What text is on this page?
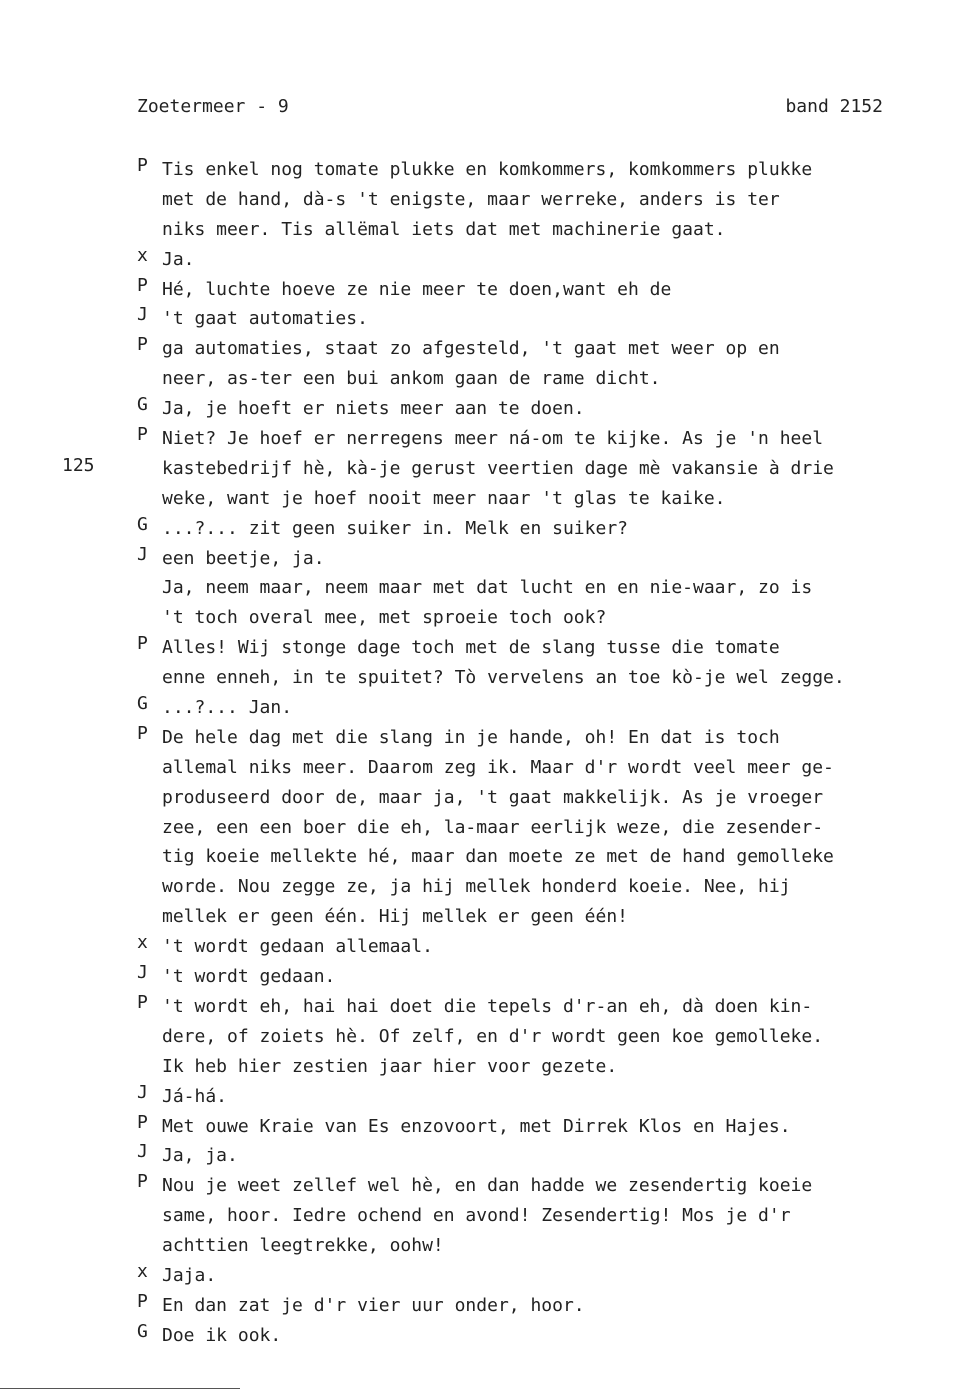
Zoetermeer - 9	band 2152
125
P Tis enkel nog tomate plukke en komkommers, komkommers plukke
met de hand, dà-s 't enigste, maar werreke, anders is ter
niks meer. Tis allëmal iets dat met machinerie gaat.
x Ja.
P Hé, luchte hoeve ze nie meer te doen,want eh de
J 't gaat automaties.
P ga automaties, staat zo afgesteld, 't gaat met weer op en
neer, as-ter een bui ankom gaan de rame dicht.
G Ja, je hoeft er niets meer aan te doen.
P Niet? Je hoef er nerregens meer ná-om te kijke. As je 'n heel
kastebedrijf hè, kà-je gerust veertien dage mè vakansie à drie
weke, want je hoef nooit meer naar 't glas te kaike.
G ...?... zit geen suiker in. Melk en suiker?
J een beetje, ja.
Ja, neem maar, neem maar met dat lucht en en nie-waar, zo is
't toch overal mee, met sproeie toch ook?
P Alles! Wij stonge dage toch met de slang tusse die tomate
enne enneh, in te spuitet? Tò vervelens an toe kò-je wel zegge.
G ...?... Jan.
P De hele dag met die slang in je hande, oh! En dat is toch
allemal niks meer. Daarom zeg ik. Maar d'r wordt veel meer ge-
produseerd door de, maar ja, 't gaat makkelijk. As je vroeger
zee, een een boer die eh, la-maar eerlijk weze, die zesender-
tig koeie mellekte hé, maar dan moete ze met de hand gemolleke
worde. Nou zegge ze, ja hij mellek honderd koeie. Nee, hij
mellek er geen één. Hij mellek er geen één!
x 't wordt gedaan allemaal.
J 't wordt gedaan.
P 't wordt eh, hai hai doet die tepels d'r-an eh, dà doen kin-
dere, of zoiets hè. Of zelf, en d'r wordt geen koe gemolleke.
Ik heb hier zestien jaar hier voor gezete.
J Já-há.
P Met ouwe Kraie van Es enzovoort, met Dirrek Klos en Hajes.
J Ja, ja.
P Nou je weet zellef wel hè, en dan hadde we zesendertig koeie
same, hoor. Iedre ochend en avond! Zesendertig! Mos je d'r
achttien leegtrekke, oohw!
x Jaja.
P En dan zat je d'r vier uur onder, hoor.
G Doe ik ook.
